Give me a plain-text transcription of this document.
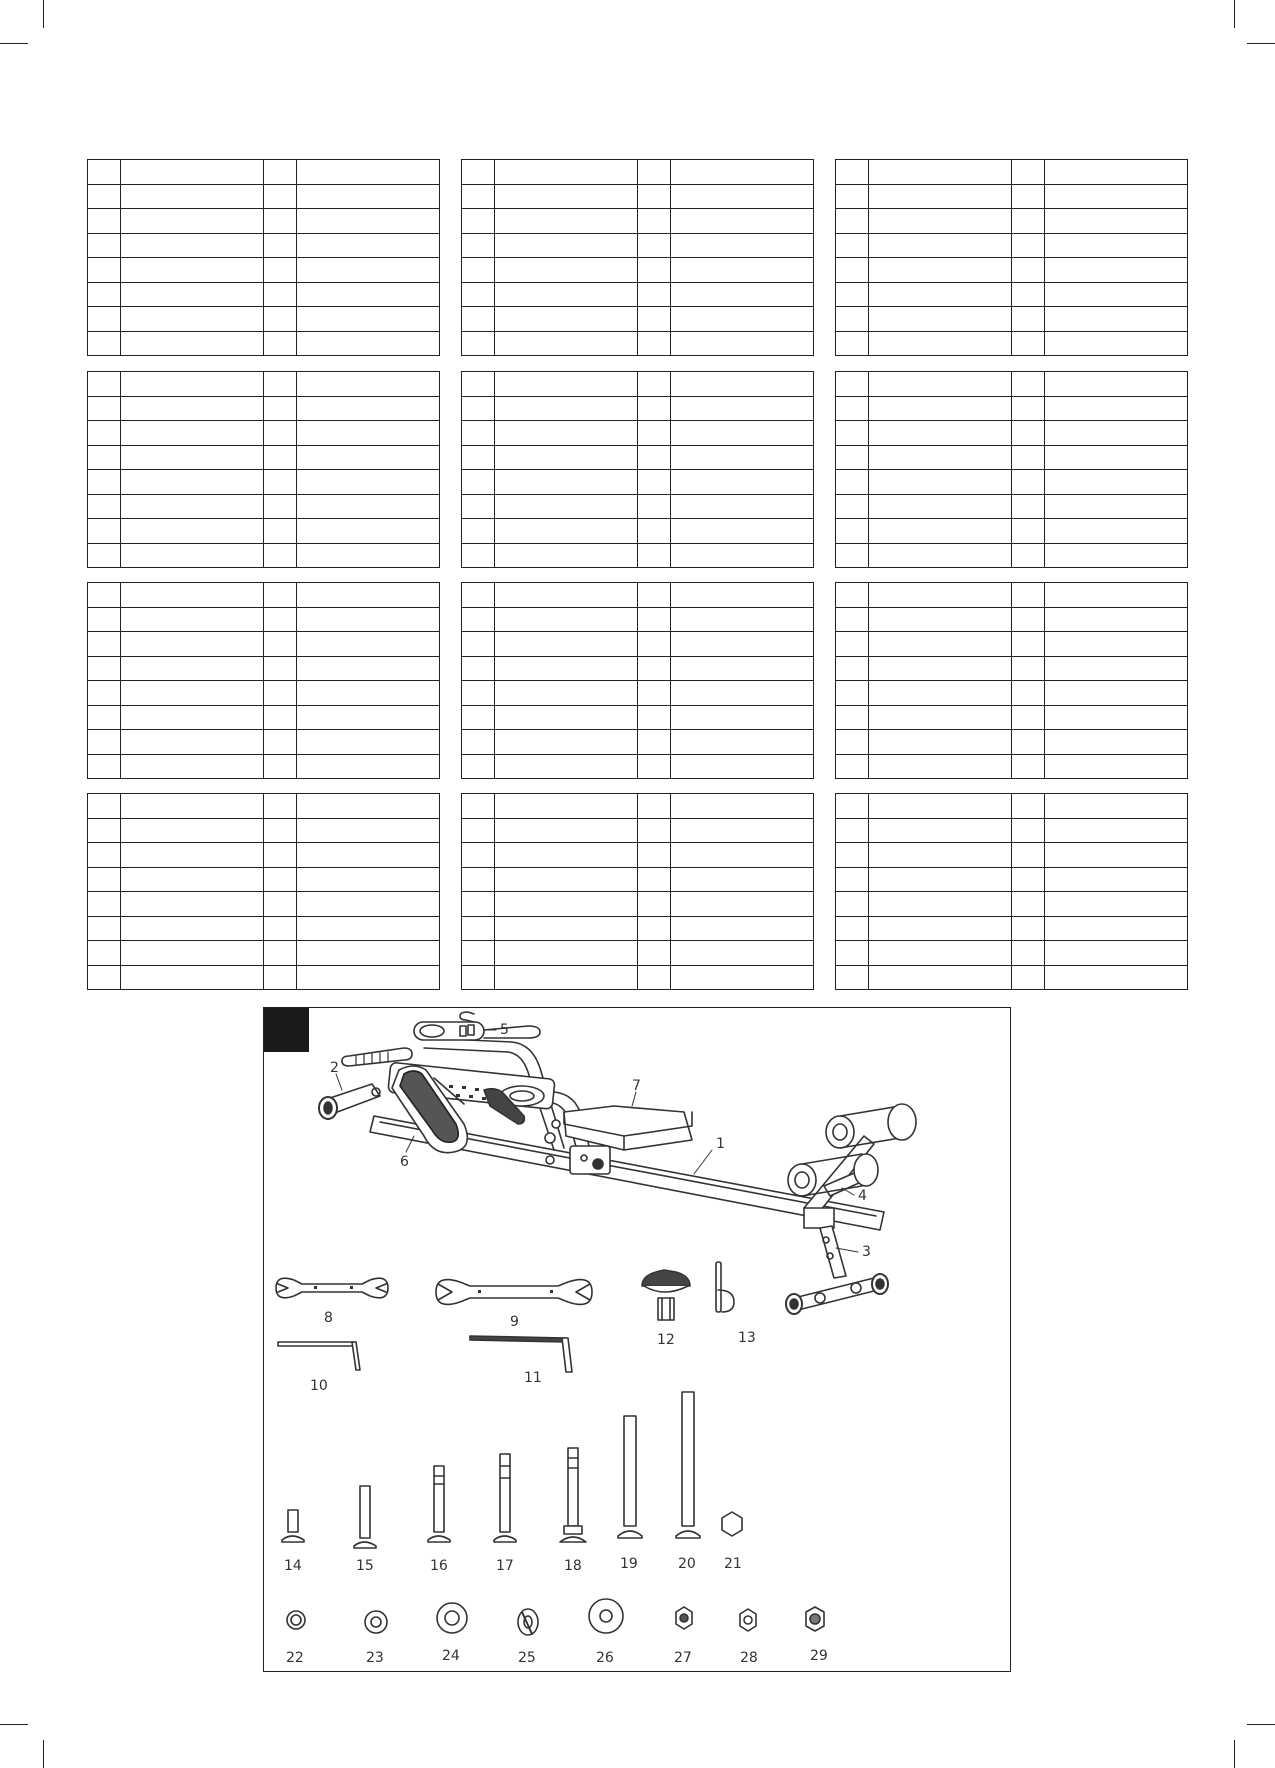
1
2
3
4
5
6
7
8	9
10	11
12	13
14	15	16	17	18	19	20 21
22	23	24	25	26	27	28	29
